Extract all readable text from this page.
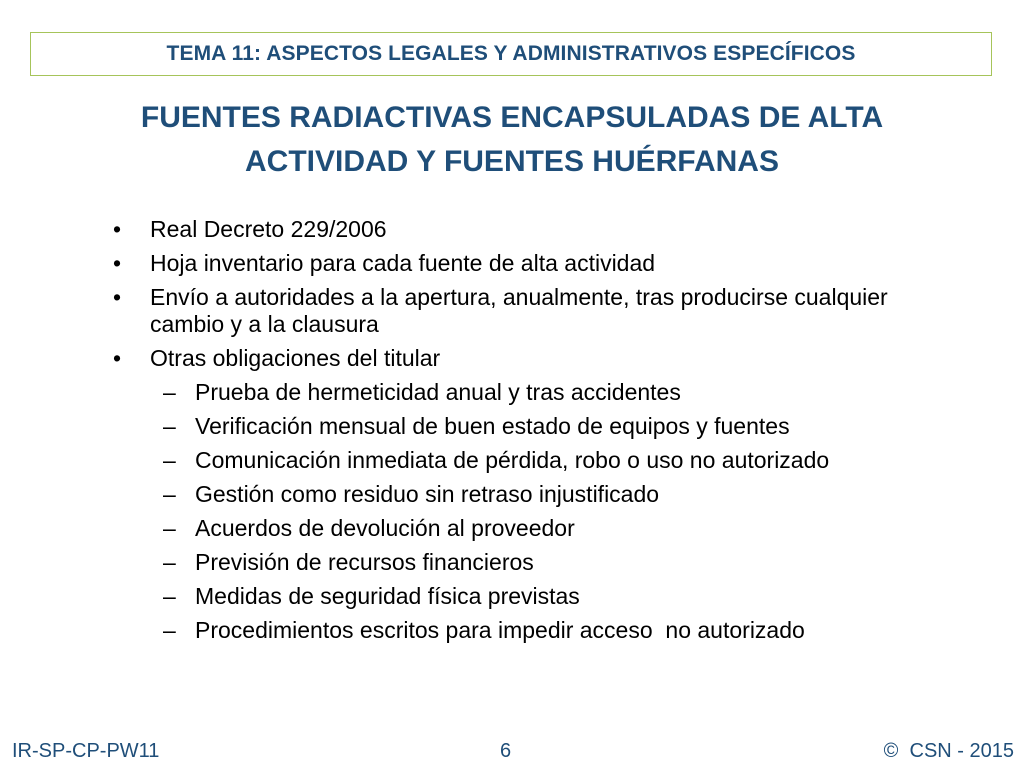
TEMA 11: ASPECTOS LEGALES Y ADMINISTRATIVOS ESPECÍFICOS
FUENTES RADIACTIVAS ENCAPSULADAS DE ALTA
ACTIVIDAD Y FUENTES HUÉRFANAS
• Real Decreto 229/2006
• Hoja inventario para cada fuente de alta actividad
• Envío a autoridades a la apertura, anualmente, tras producirse cualquier cambio y a la clausura
• Otras obligaciones del titular
– Prueba de hermeticidad anual y tras accidentes
– Verificación mensual de buen estado de equipos y fuentes
– Comunicación inmediata de pérdida, robo o uso no autorizado
– Gestión como residuo sin retraso injustificado
– Acuerdos de devolución al proveedor
– Previsión de recursos financieros
– Medidas de seguridad física previstas
– Procedimientos escritos para impedir acceso  no autorizado
IR-SP-CP-PW11	6	©  CSN - 2015
